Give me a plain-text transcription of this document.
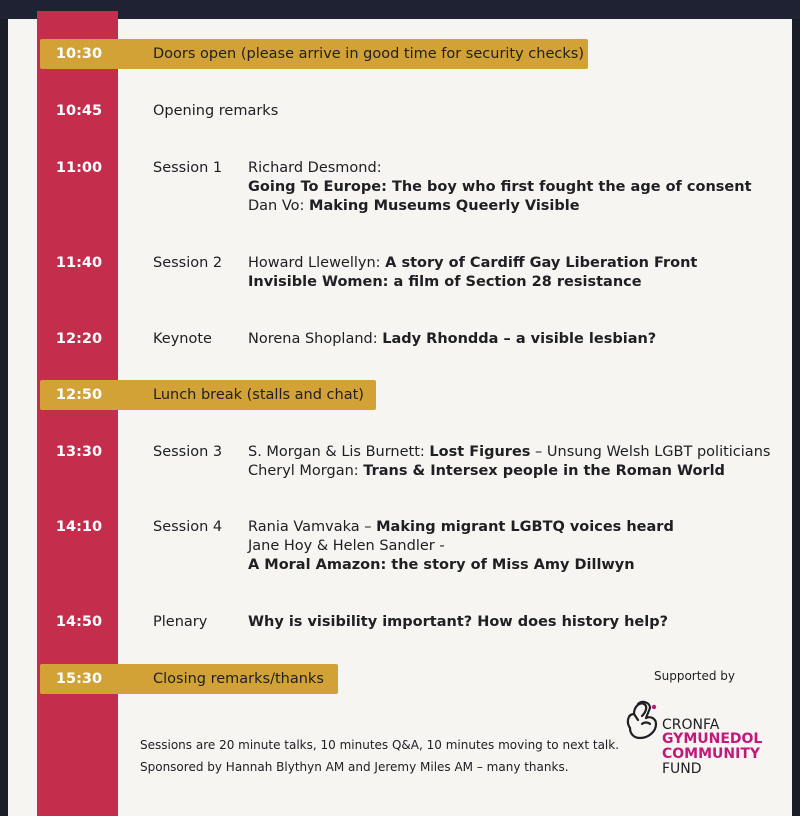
10:30	Doors open (please arrive in good time for security checks)
10:45	Opening remarks
11:00	Session 1 Richard Desmond:
Going To Europe: The boy who first fought the age of consent
Dan Vo: Making Museums Queerly Visible
11:40	Session 2 Howard Llewellyn: A story of Cardiff Gay Liberation Front
Invisible Women: a film of Section 28 resistance
12:20	Keynote Norena Shopland: Lady Rhondda – a visible lesbian?
12:50	Lunch break (stalls and chat)
13:30	Session 3 S. Morgan & Lis Burnett: Lost Figures – Unsung Welsh LGBT politicians
Cheryl Morgan: Trans & Intersex people in the Roman World
14:10	Session 4 Rania Vamvaka – Making migrant LGBTQ voices heard
Jane Hoy & Helen Sandler -
A Moral Amazon: the story of Miss Amy Dillwyn
14:50	Plenary	Why is visibility important? How does history help?
15:30	Closing remarks/thanks
Sessions are 20 minute talks, 10 minutes Q&A, 10 minutes moving to next talk.
Sponsored by Hannah Blythyn AM and Jeremy Miles AM – many thanks.
Supported by
CRONFA
GYMUNEDOL
COMMUNITY
FUND
